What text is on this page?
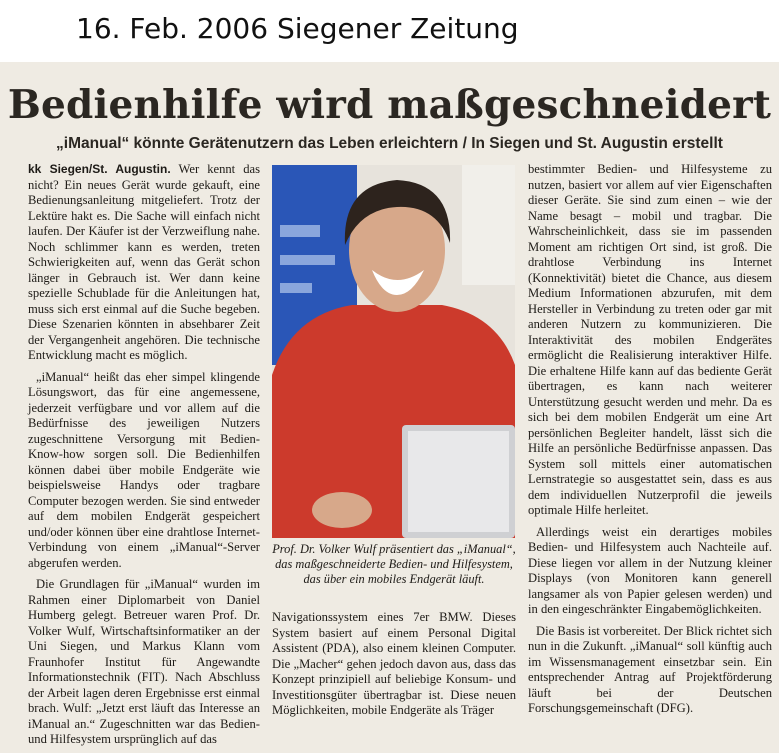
16. Feb. 2006 Siegener Zeitung
Bedienhilfe wird maßgeschneidert
„iManual“ könnte Gerätenutzern das Leben erleichtern / In Siegen und St. Augustin erstellt

kk Siegen/St. Augustin. Wer kennt das nicht? Ein neues Gerät wurde gekauft, eine Bedienungsanleitung mitgeliefert. Trotz der Lektüre hakt es. Die Sache will einfach nicht laufen. Der Käufer ist der Verzweiflung nahe. Noch schlimmer kann es werden, treten Schwierigkeiten auf, wenn das Gerät schon länger in Gebrauch ist. Wer dann keine spezielle Schublade für die Anleitungen hat, muss sich erst einmal auf die Suche begeben. Diese Szenarien könnten in absehbarer Zeit der Vergangenheit angehören. Die technische Entwicklung macht es möglich.

„iManual“ heißt das eher simpel klingende Lösungswort, das für eine angemessene, jederzeit verfügbare und vor allem auf die Bedürfnisse des jeweiligen Nutzers zugeschnittene Versorgung mit Bedien-Know-how sorgen soll. Die Bedienhilfen können dabei über mobile Endgeräte wie beispielsweise Handys oder tragbare Computer bezogen werden. Sie sind entweder auf dem mobilen Endgerät gespeichert und/oder können über eine drahtlose Internet-Verbindung von einem „iManual“-Server abgerufen werden.

Die Grundlagen für „iManual“ wurden im Rahmen einer Diplomarbeit von Daniel Humberg gelegt. Betreuer waren Prof. Dr. Volker Wulf, Wirtschaftsinformatiker an der Uni Siegen, und Markus Klann vom Fraunhofer Institut für Angewandte Informationstechnik (FIT). Nach Abschluss der Arbeit lagen deren Ergebnisse erst einmal brach. Wulf: „Jetzt erst läuft das Interesse an iManual an.“ Zugeschnitten war das Bedien- und Hilfesystem ursprünglich auf das

Prof. Dr. Volker Wulf präsentiert das „iManual“, das maßgeschneiderte Bedien- und Hilfesystem, das über ein mobiles Endgerät läuft.

Navigationssystem eines 7er BMW. Dieses System basiert auf einem Personal Digital Assistent (PDA), also einem kleinen Computer. Die „Macher“ gehen jedoch davon aus, dass das Konzept prinzipiell auf beliebige Konsum- und Investitionsgüter übertragbar ist. Diese neuen Möglichkeiten, mobile Endgeräte als Träger

bestimmter Bedien- und Hilfesysteme zu nutzen, basiert vor allem auf vier Eigenschaften dieser Geräte. Sie sind zum einen – wie der Name besagt – mobil und tragbar. Die Wahrscheinlichkeit, dass sie im passenden Moment am richtigen Ort sind, ist groß. Die drahtlose Verbindung ins Internet (Konnektivität) bietet die Chance, aus diesem Medium Informationen abzurufen, mit dem Hersteller in Verbindung zu treten oder gar mit anderen Nutzern zu kommunizieren. Die Interaktivität des mobilen Endgerätes ermöglicht die Realisierung interaktiver Hilfe. Die erhaltene Hilfe kann auf das bediente Gerät übertragen, es kann nach weiterer Unterstützung gesucht werden und mehr. Da es sich bei dem mobilen Endgerät um eine Art persönlichen Begleiter handelt, lässt sich die Hilfe an persönliche Bedürfnisse anpassen. Das System soll mittels einer automatischen Lernstrategie so ausgestattet sein, dass es aus dem individuellen Nutzerprofil die jeweils optimale Hilfe herleitet.

Allerdings weist ein derartiges mobiles Bedien- und Hilfesystem auch Nachteile auf. Diese liegen vor allem in der Nutzung kleiner Displays (von Monitoren kann generell langsamer als von Papier gelesen werden) und in den eingeschränkter Eingabemöglichkeiten.

Die Basis ist vorbereitet. Der Blick richtet sich nun in die Zukunft. „iManual“ soll künftig auch im Wissensmanagement einsetzbar sein. Ein entsprechender Antrag auf Projektförderung läuft bei der Deutschen Forschungsgemeinschaft (DFG).
